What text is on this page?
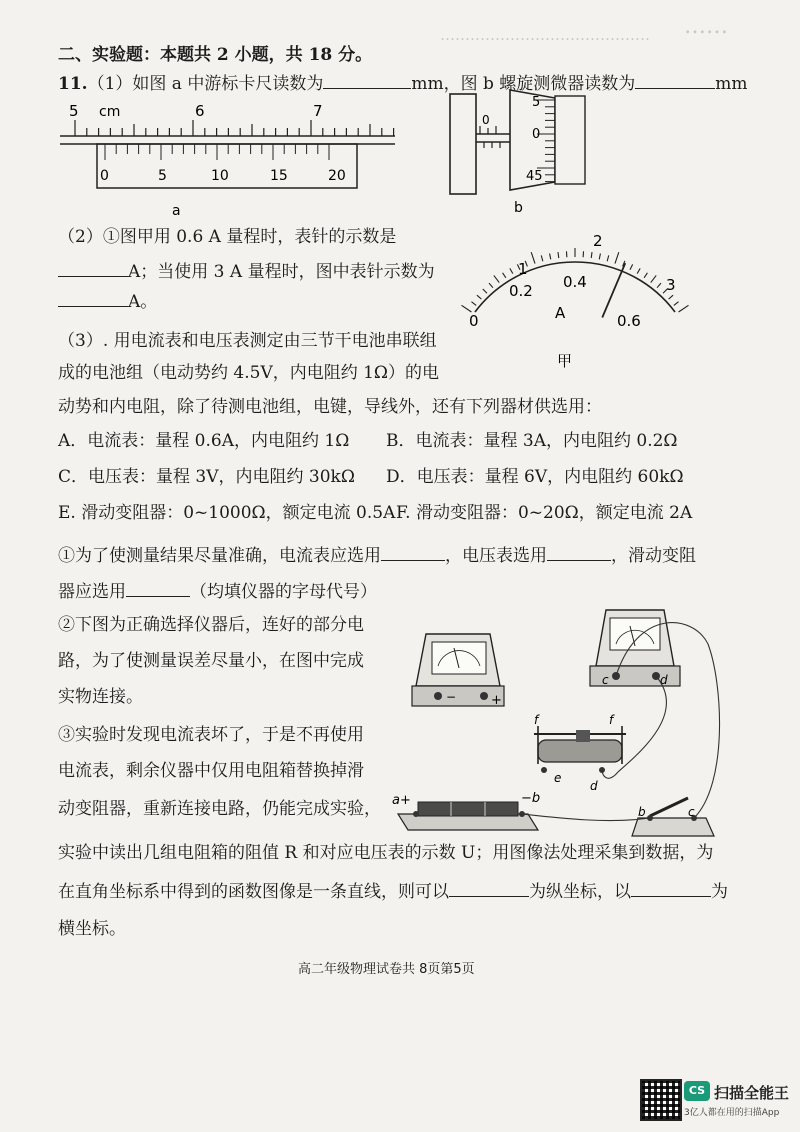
…………………………………… ……
二、实验题：本题共 2 小题，共 18 分。
11.（1）如图 a 中游标卡尺读数为	mm，图 b 螺旋测微器读数为	mm
5 cm	6	7
0	5	10	15	20
a
5
0
0
45
b
（2）①图甲用 0.6 A 量程时，表针的示数是
A；当使用 3 A 量程时，图中表针示数为
A。
1
2
3
0
0.2 0.4
0.6
A
甲
（3）. 用电流表和电压表测定由三节干电池串联组
成的电池组（电动势约 4.5V，内电阻约 1Ω）的电
动势和内电阻，除了待测电池组，电键，导线外，还有下列器材供选用：
A．电流表：量程 0.6A，内电阻约 1Ω B．电流表：量程 3A，内电阻约 0.2Ω
C．电压表：量程 3V，内电阻约 30kΩ D．电压表：量程 6V，内电阻约 60kΩ
E. 滑动变阻器：0~1000Ω，额定电流 0.5A F. 滑动变阻器：0~20Ω，额定电流 2A
①为了使测量结果尽量准确，电流表应选用	，电压表选用	，滑动变阻
器应选用	（均填仪器的字母代号）
②下图为正确选择仪器后，连好的部分电
路，为了使测量误差尽量小，在图中完成
实物连接。
③实验时发现电流表坏了，于是不再使用
电流表，剩余仪器中仅用电阻箱替换掉滑
动变阻器，重新连接电路，仍能完成实验，
实验中读出几组电阻箱的阻值 R 和对应电压表的示数 U；用图像法处理采集到数据，为
在直角坐标系中得到的函数图像是一条直线，则可以	为纵坐标，以	为
横坐标。
−	+
c	d
f	f
e
d
a+	−b
b	c
高二年级物理试卷共 8页第5页
CS 扫描全能王
3亿人都在用的扫描App
